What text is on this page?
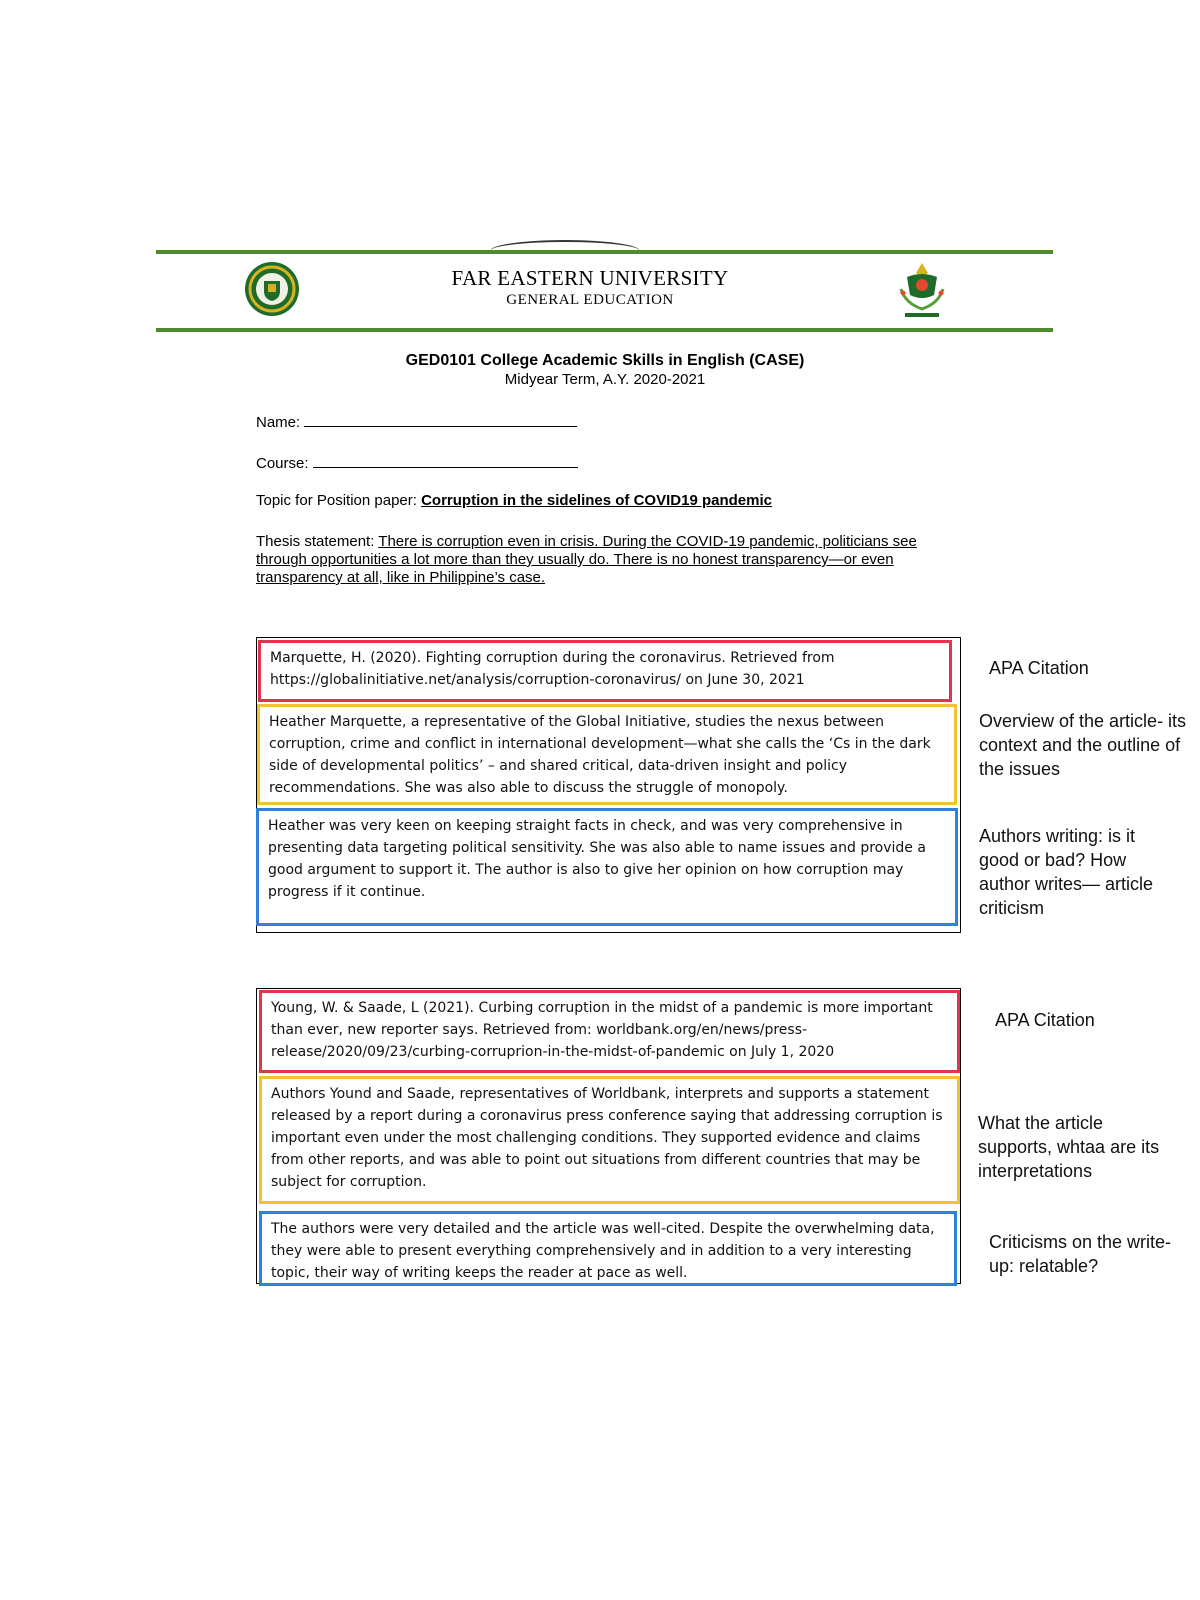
FAR EASTERN UNIVERSITY
GENERAL EDUCATION
GED0101 College Academic Skills in English (CASE)
Midyear Term, A.Y. 2020-2021
Name:
Course:
Topic for Position paper: Corruption in the sidelines of COVID19 pandemic
Thesis statement: There is corruption even in crisis. During the COVID-19 pandemic, politicians see through opportunities a lot more than they usually do. There is no honest transparency—or even transparency at all, like in Philippine’s case.
Marquette, H. (2020). Fighting corruption during the coronavirus. Retrieved from https://globalinitiative.net/analysis/corruption-coronavirus/ on June 30, 2021
Heather Marquette, a representative of the Global Initiative, studies the nexus between corruption, crime and conflict in international development—what she calls the ‘Cs in the dark side of developmental politics’ – and shared critical, data-driven insight and policy recommendations. She was also able to discuss the struggle of monopoly.
Heather was very keen on keeping straight facts in check, and was very comprehensive in presenting data targeting political sensitivity. She was also able to name issues and provide a good argument to support it. The author is also to give her opinion on how corruption may progress if it continue.
APA Citation
Overview of the article- its context and the outline of the issues
Authors writing: is it good or bad? How author writes— article criticism
Young, W. & Saade, L (2021). Curbing corruption in the midst of a pandemic is more important than ever, new reporter says. Retrieved from: worldbank.org/en/news/press-release/2020/09/23/curbing-corruprion-in-the-midst-of-pandemic on July 1, 2020
Authors Yound and Saade, representatives of Worldbank, interprets and supports a statement released by a report during a coronavirus press conference saying that addressing corruption is important even under the most challenging conditions. They supported evidence and claims from other reports, and was able to point out situations from different countries that may be subject for corruption.
The authors were very detailed and the article was well-cited. Despite the overwhelming data, they were able to present everything comprehensively and in addition to a very interesting topic, their way of writing keeps the reader at pace as well.
APA Citation
What the article supports, whtaa are its interpretations
Criticisms on the write-up: relatable?
